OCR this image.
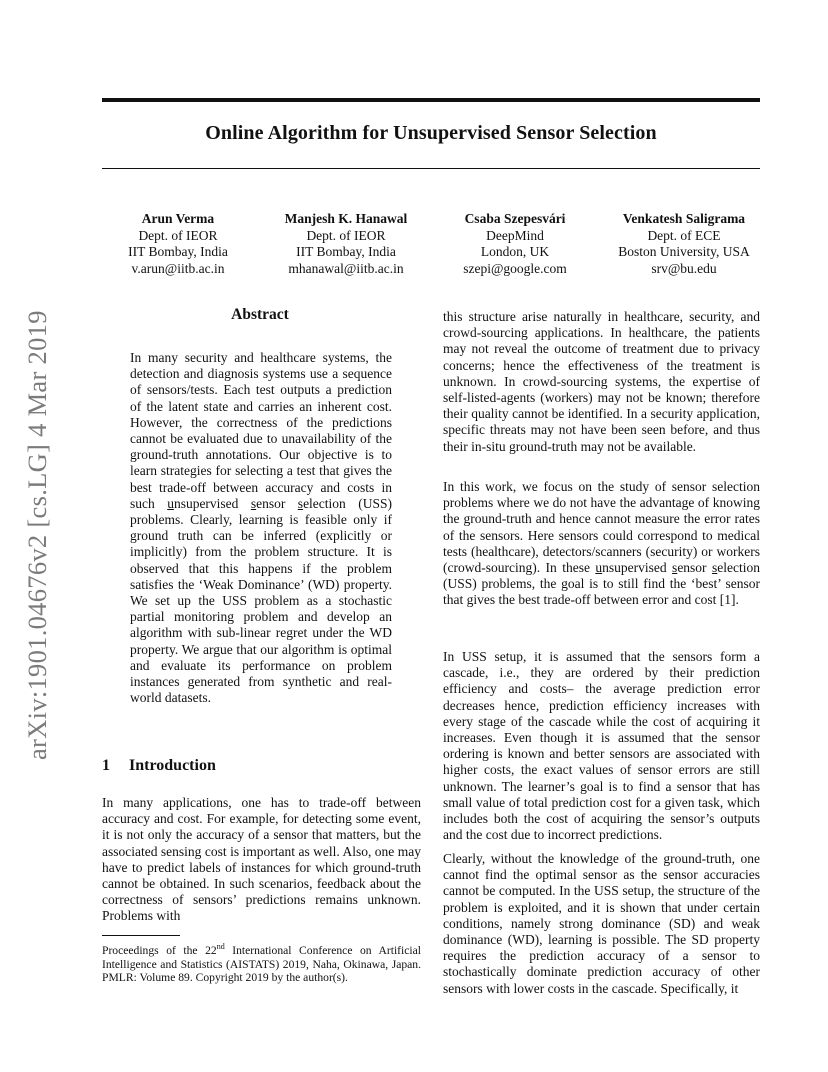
Online Algorithm for Unsupervised Sensor Selection
Arun Verma
Dept. of IEOR
IIT Bombay, India
v.arun@iitb.ac.in
Manjesh K. Hanawal
Dept. of IEOR
IIT Bombay, India
mhanawal@iitb.ac.in
Csaba Szepesvári
DeepMind
London, UK
szepi@google.com
Venkatesh Saligrama
Dept. of ECE
Boston University, USA
srv@bu.edu
arXiv:1901.04676v2 [cs.LG] 4 Mar 2019	Abstract

In many security and healthcare systems, the detection and diagnosis systems use a sequence of sensors/tests. Each test outputs a prediction of the latent state and carries an inherent cost. However, the correctness of the predictions cannot be evaluated due to unavailability of the ground-truth annotations. Our objective is to learn strategies for selecting a test that gives the best trade-off between accuracy and costs in such unsupervised sensor selection (USS) problems. Clearly, learning is feasible only if ground truth can be inferred (explicitly or implicitly) from the problem structure. It is observed that this happens if the problem satisfies the ‘Weak Dominance’ (WD) property. We set up the USS problem as a stochastic partial monitoring problem and develop an algorithm with sub-linear regret under the WD property. We argue that our algorithm is optimal and evaluate its performance on problem instances generated from synthetic and real-world datasets.

1 Introduction

In many applications, one has to trade-off between accuracy and cost. For example, for detecting some event, it is not only the accuracy of a sensor that matters, but the associated sensing cost is important as well. Also, one may have to predict labels of instances for which ground-truth cannot be obtained. In such scenarios, feedback about the correctness of sensors’ predictions remains unknown. Problems with

Proceedings of the 22nd International Conference on Artificial Intelligence and Statistics (AISTATS) 2019, Naha, Okinawa, Japan. PMLR: Volume 89. Copyright 2019 by the author(s).

this structure arise naturally in healthcare, security, and crowd-sourcing applications. In healthcare, the patients may not reveal the outcome of treatment due to privacy concerns; hence the effectiveness of the treatment is unknown. In crowd-sourcing systems, the expertise of self-listed-agents (workers) may not be known; therefore their quality cannot be identified. In a security application, specific threats may not have been seen before, and thus their in-situ ground-truth may not be available.

In this work, we focus on the study of sensor selection problems where we do not have the advantage of knowing the ground-truth and hence cannot measure the error rates of the sensors. Here sensors could correspond to medical tests (healthcare), detectors/scanners (security) or workers (crowd-sourcing). In these unsupervised sensor selection (USS) problems, the goal is to still find the ‘best’ sensor that gives the best trade-off between error and cost [1].

In USS setup, it is assumed that the sensors form a cascade, i.e., they are ordered by their prediction efficiency and costs– the average prediction error decreases hence, prediction efficiency increases with every stage of the cascade while the cost of acquiring it increases. Even though it is assumed that the sensor ordering is known and better sensors are associated with higher costs, the exact values of sensor errors are still unknown. The learner’s goal is to find a sensor that has small value of total prediction cost for a given task, which includes both the cost of acquiring the sensor’s outputs and the cost due to incorrect predictions.

Clearly, without the knowledge of the ground-truth, one cannot find the optimal sensor as the sensor accuracies cannot be computed. In the USS setup, the structure of the problem is exploited, and it is shown that under certain conditions, namely strong dominance (SD) and weak dominance (WD), learning is possible. The SD property requires the prediction accuracy of a sensor to stochastically dominate prediction accuracy of other sensors with lower costs in the cascade. Specifically, it
